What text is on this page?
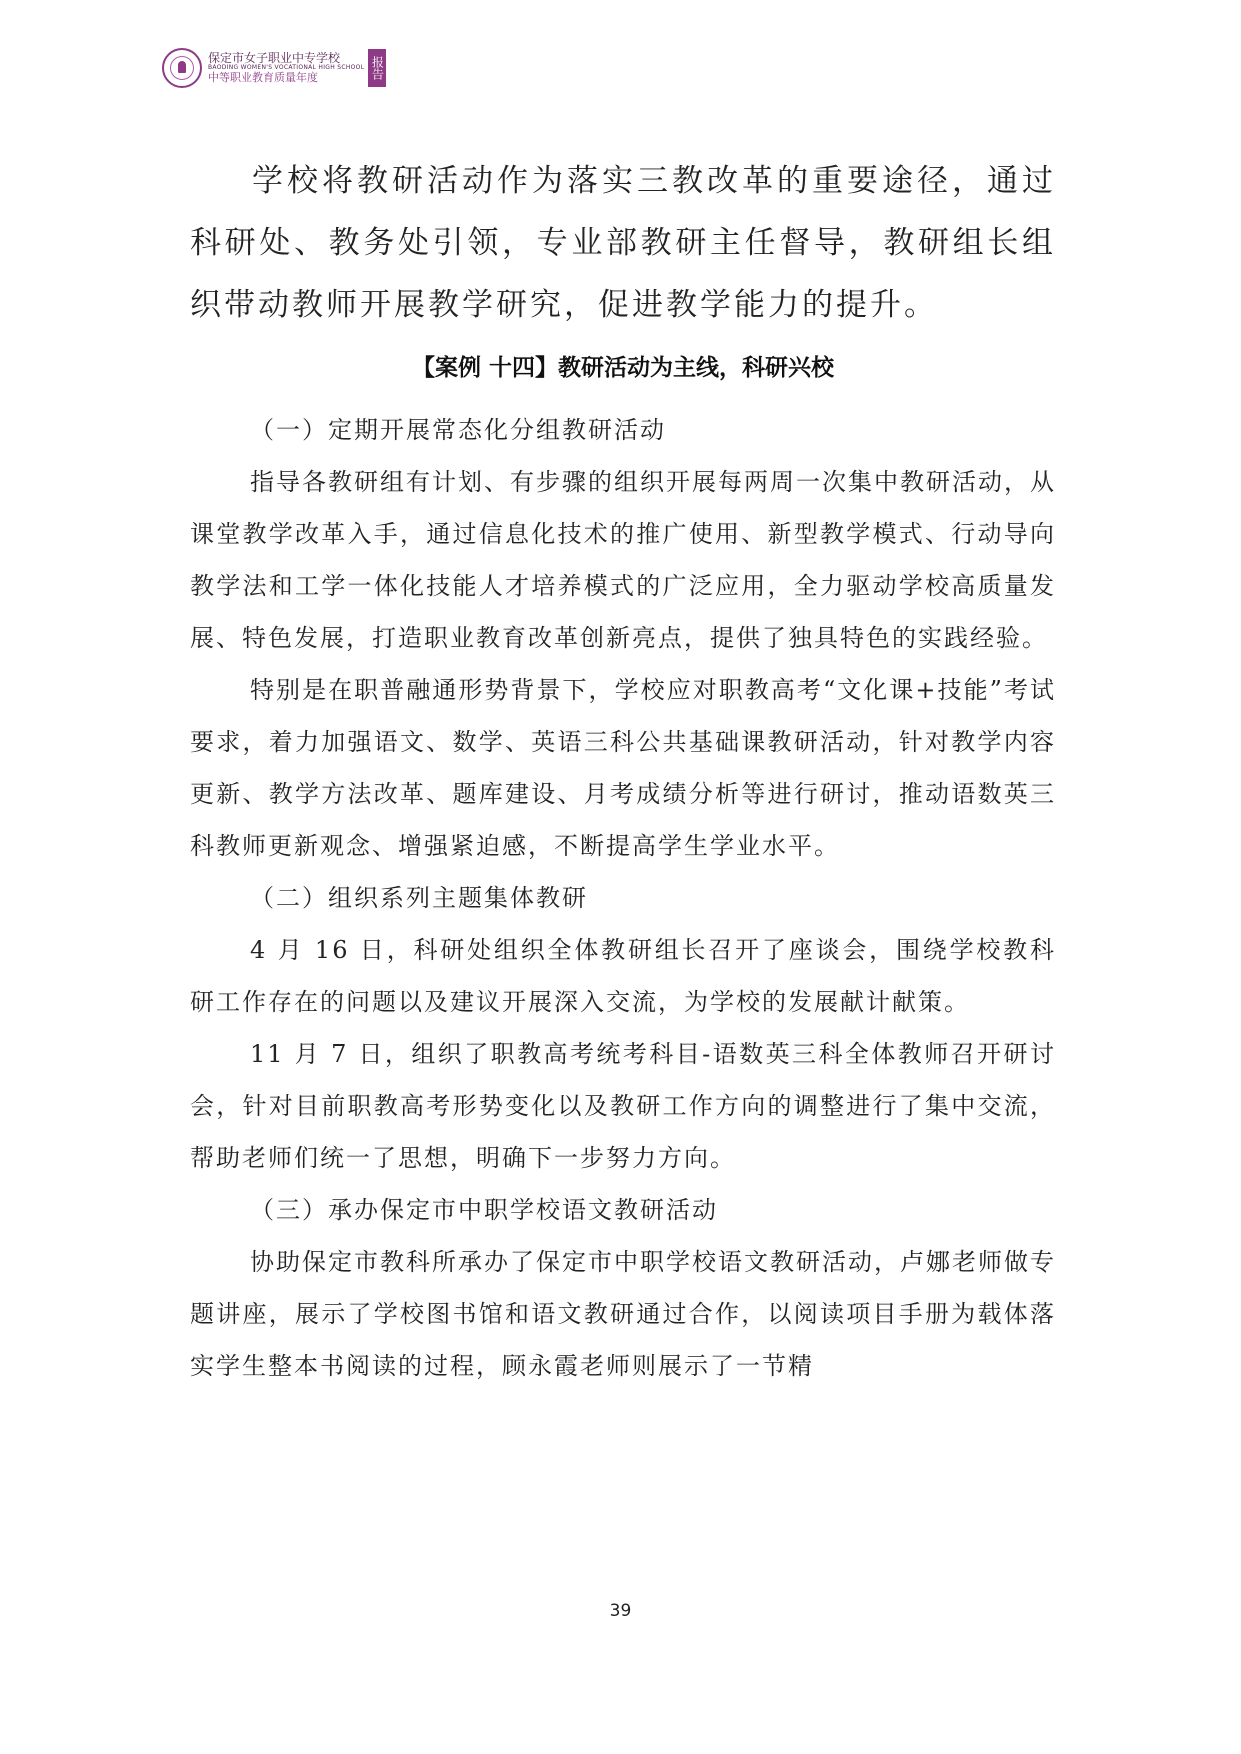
保定市女子职业中专学校
BAODING WOMEN'S VOCATIONAL HIGH SCHOOL
中等职业教育质量年度	报告

学校将教研活动作为落实三教改革的重要途径，通过科研处、教务处引领，专业部教研主任督导，教研组长组织带动教师开展教学研究，促进教学能力的提升。

【案例 十四】教研活动为主线，科研兴校

（一）定期开展常态化分组教研活动

指导各教研组有计划、有步骤的组织开展每两周一次集中教研活动，从课堂教学改革入手，通过信息化技术的推广使用、新型教学模式、行动导向教学法和工学一体化技能人才培养模式的广泛应用，全力驱动学校高质量发展、特色发展，打造职业教育改革创新亮点，提供了独具特色的实践经验。

特别是在职普融通形势背景下，学校应对职教高考“文化课+技能”考试要求，着力加强语文、数学、英语三科公共基础课教研活动，针对教学内容更新、教学方法改革、题库建设、月考成绩分析等进行研讨，推动语数英三科教师更新观念、增强紧迫感，不断提高学生学业水平。

（二）组织系列主题集体教研

4 月 16 日，科研处组织全体教研组长召开了座谈会，围绕学校教科研工作存在的问题以及建议开展深入交流，为学校的发展献计献策。

11 月 7 日，组织了职教高考统考科目-语数英三科全体教师召开研讨会，针对目前职教高考形势变化以及教研工作方向的调整进行了集中交流，帮助老师们统一了思想，明确下一步努力方向。

（三）承办保定市中职学校语文教研活动

协助保定市教科所承办了保定市中职学校语文教研活动，卢娜老师做专题讲座，展示了学校图书馆和语文教研通过合作，以阅读项目手册为载体落实学生整本书阅读的过程，顾永霞老师则展示了一节精

39
